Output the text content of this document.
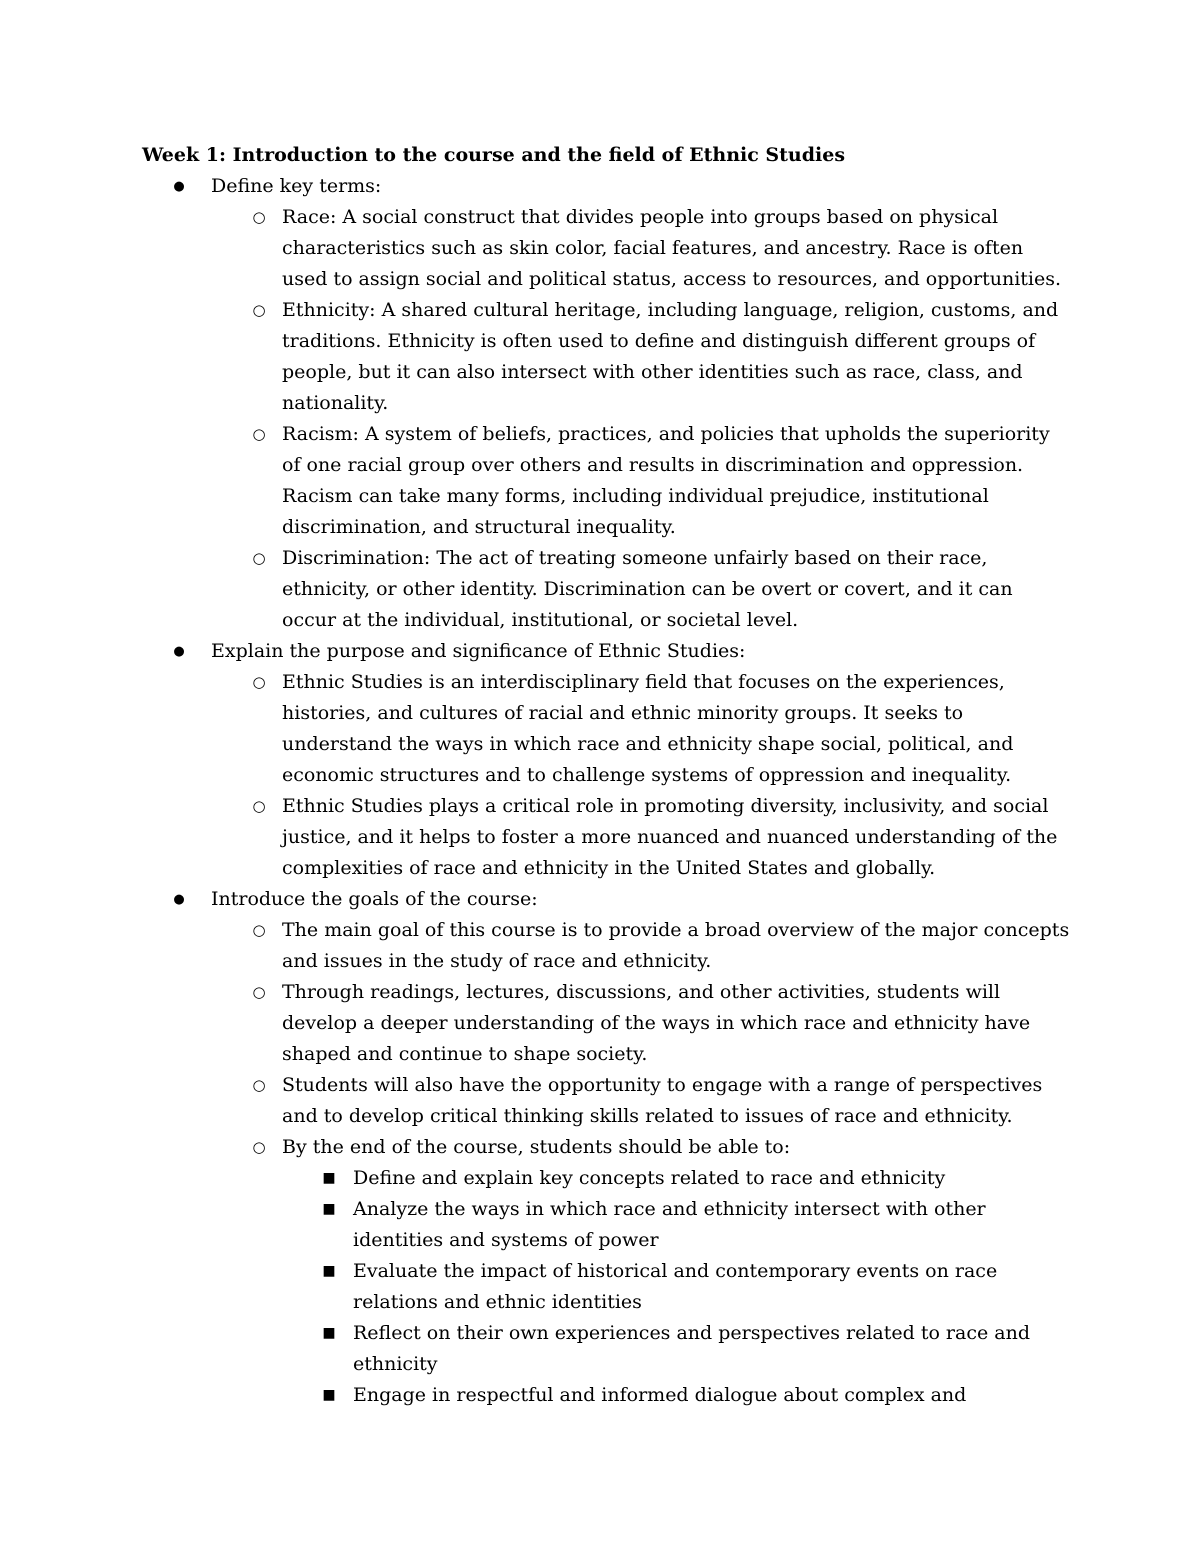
Week 1: Introduction to the course and the field of Ethnic Studies
● Define key terms:
○ Race: A social construct that divides people into groups based on physical characteristics such as skin color, facial features, and ancestry. Race is often used to assign social and political status, access to resources, and opportunities.
○ Ethnicity: A shared cultural heritage, including language, religion, customs, and traditions. Ethnicity is often used to define and distinguish different groups of people, but it can also intersect with other identities such as race, class, and nationality.
○ Racism: A system of beliefs, practices, and policies that upholds the superiority of one racial group over others and results in discrimination and oppression. Racism can take many forms, including individual prejudice, institutional discrimination, and structural inequality.
○ Discrimination: The act of treating someone unfairly based on their race, ethnicity, or other identity. Discrimination can be overt or covert, and it can occur at the individual, institutional, or societal level.
● Explain the purpose and significance of Ethnic Studies:
○ Ethnic Studies is an interdisciplinary field that focuses on the experiences, histories, and cultures of racial and ethnic minority groups. It seeks to understand the ways in which race and ethnicity shape social, political, and economic structures and to challenge systems of oppression and inequality.
○ Ethnic Studies plays a critical role in promoting diversity, inclusivity, and social justice, and it helps to foster a more nuanced and nuanced understanding of the complexities of race and ethnicity in the United States and globally.
● Introduce the goals of the course:
○ The main goal of this course is to provide a broad overview of the major concepts and issues in the study of race and ethnicity.
○ Through readings, lectures, discussions, and other activities, students will develop a deeper understanding of the ways in which race and ethnicity have shaped and continue to shape society.
○ Students will also have the opportunity to engage with a range of perspectives and to develop critical thinking skills related to issues of race and ethnicity.
○ By the end of the course, students should be able to:
■ Define and explain key concepts related to race and ethnicity
■ Analyze the ways in which race and ethnicity intersect with other identities and systems of power
■ Evaluate the impact of historical and contemporary events on race relations and ethnic identities
■ Reflect on their own experiences and perspectives related to race and ethnicity
■ Engage in respectful and informed dialogue about complex and
